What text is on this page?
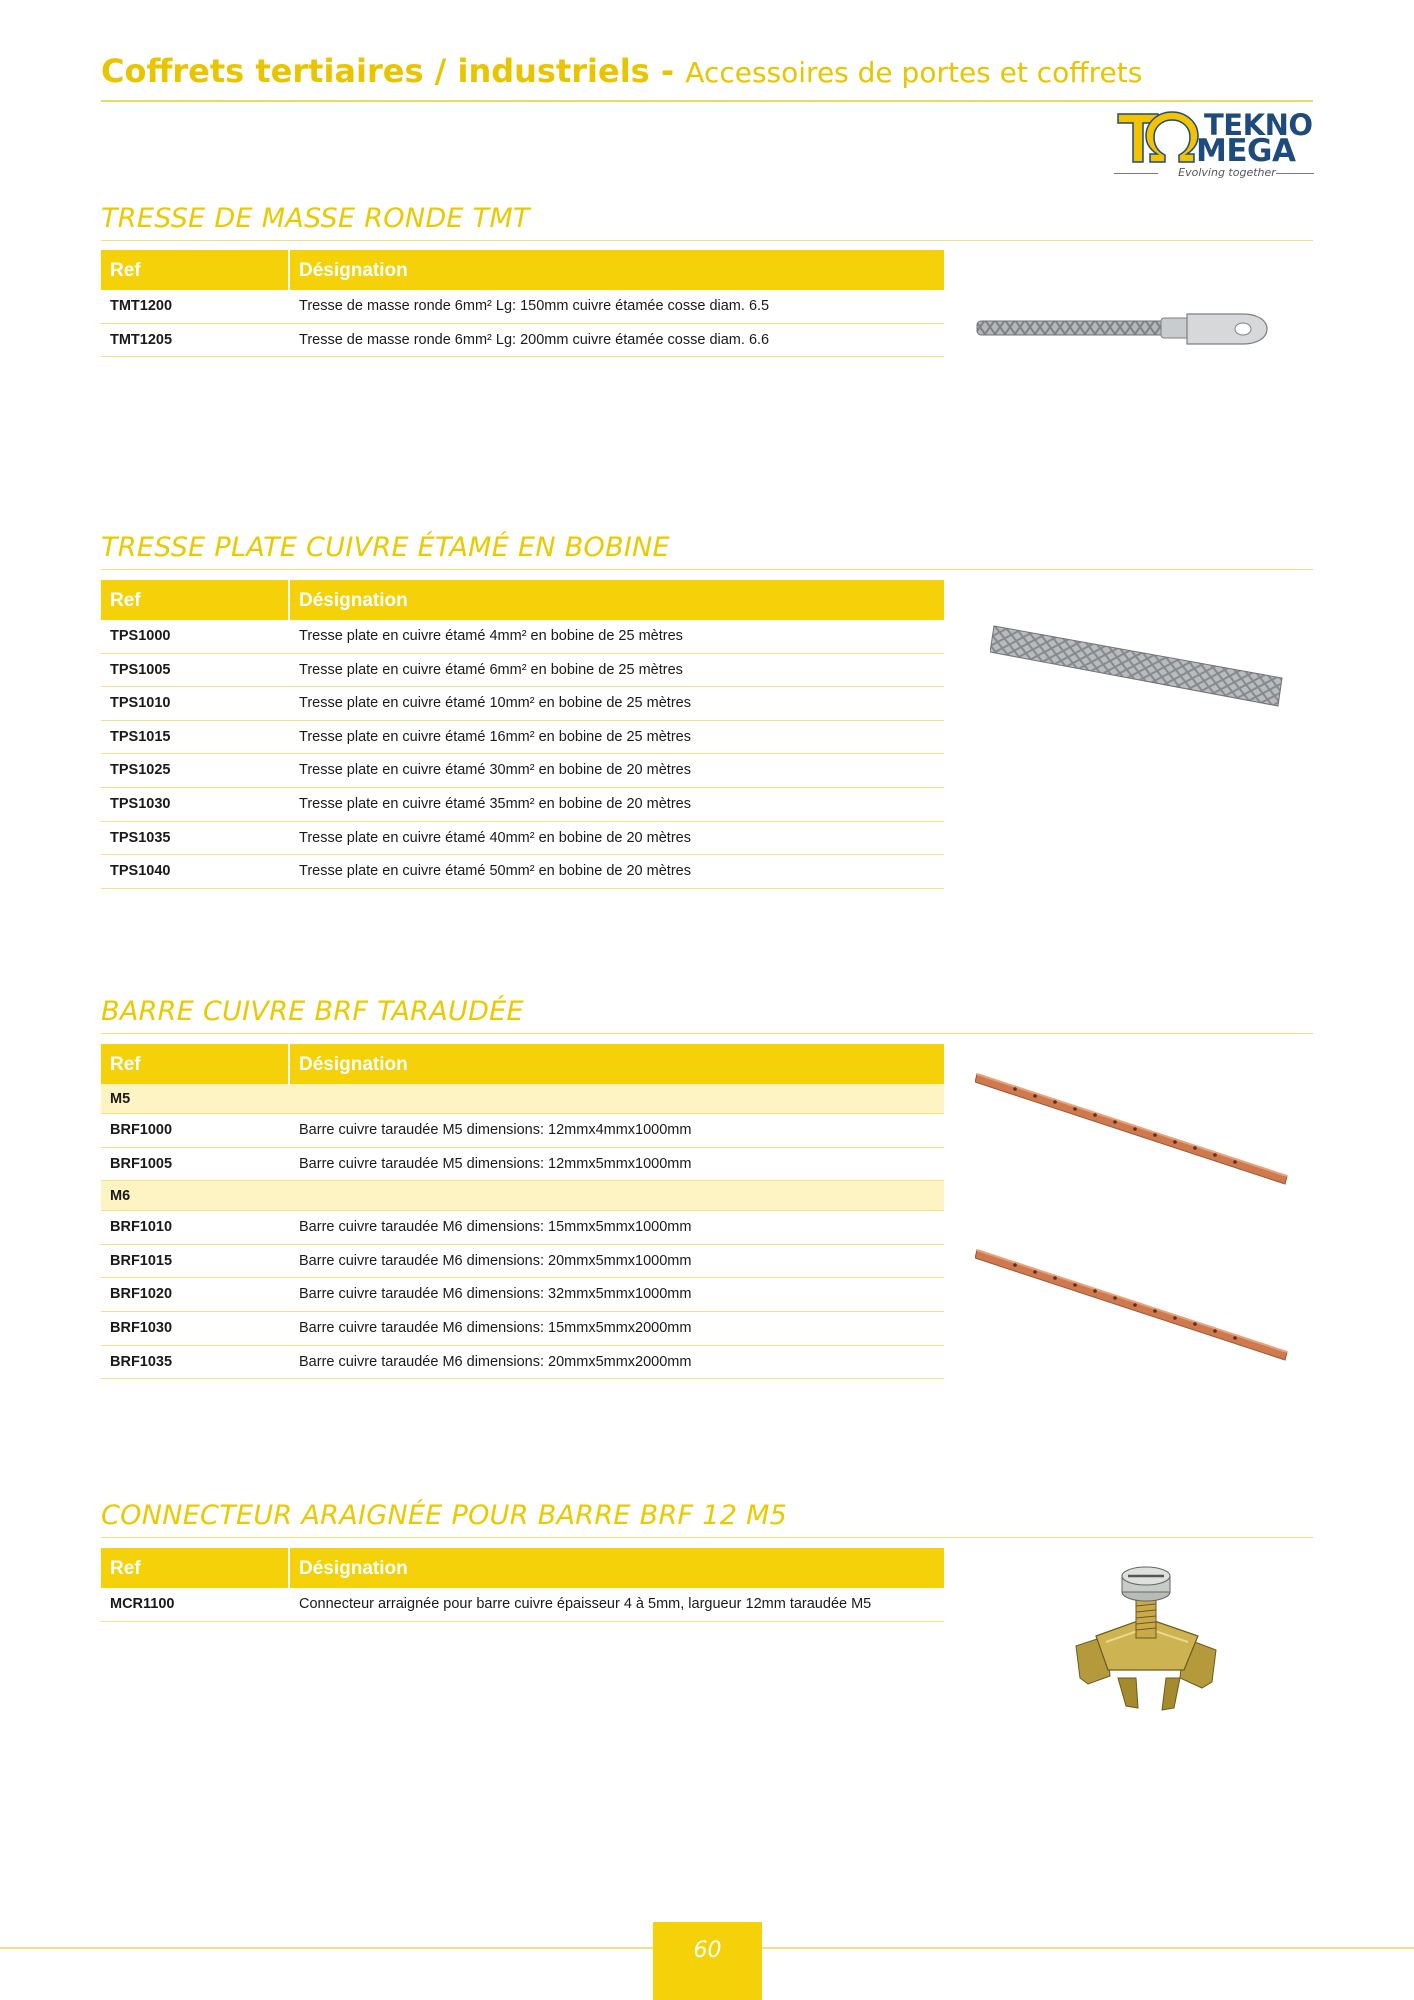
Coffrets tertiaires / industriels - Accessoires de portes et coffrets
TEKNO
MEGA
Evolving together
TRESSE DE MASSE RONDE TMT
Ref	Désignation
TMT1200	Tresse de masse ronde 6mm² Lg: 150mm cuivre étamée cosse diam. 6.5
TMT1205	Tresse de masse ronde 6mm² Lg: 200mm cuivre étamée cosse diam. 6.6
TRESSE PLATE CUIVRE ÉTAMÉ EN BOBINE
Ref	Désignation
TPS1000	Tresse plate en cuivre étamé 4mm² en bobine de 25 mètres
TPS1005	Tresse plate en cuivre étamé 6mm² en bobine de 25 mètres
TPS1010	Tresse plate en cuivre étamé 10mm² en bobine de 25 mètres
TPS1015	Tresse plate en cuivre étamé 16mm² en bobine de 25 mètres
TPS1025	Tresse plate en cuivre étamé 30mm² en bobine de 20 mètres
TPS1030	Tresse plate en cuivre étamé 35mm² en bobine de 20 mètres
TPS1035	Tresse plate en cuivre étamé 40mm² en bobine de 20 mètres
TPS1040	Tresse plate en cuivre étamé 50mm² en bobine de 20 mètres
BARRE CUIVRE BRF TARAUDÉE
Ref	Désignation
M5
BRF1000	Barre cuivre taraudée M5 dimensions: 12mmx4mmx1000mm
BRF1005	Barre cuivre taraudée M5 dimensions: 12mmx5mmx1000mm
M6
BRF1010	Barre cuivre taraudée M6 dimensions: 15mmx5mmx1000mm
BRF1015	Barre cuivre taraudée M6 dimensions: 20mmx5mmx1000mm
BRF1020	Barre cuivre taraudée M6 dimensions: 32mmx5mmx1000mm
BRF1030	Barre cuivre taraudée M6 dimensions: 15mmx5mmx2000mm
BRF1035	Barre cuivre taraudée M6 dimensions: 20mmx5mmx2000mm
CONNECTEUR ARAIGNÉE POUR BARRE BRF 12 M5
Ref	Désignation
MCR1100	Connecteur arraignée pour barre cuivre épaisseur 4 à 5mm, largueur 12mm taraudée M5
60
